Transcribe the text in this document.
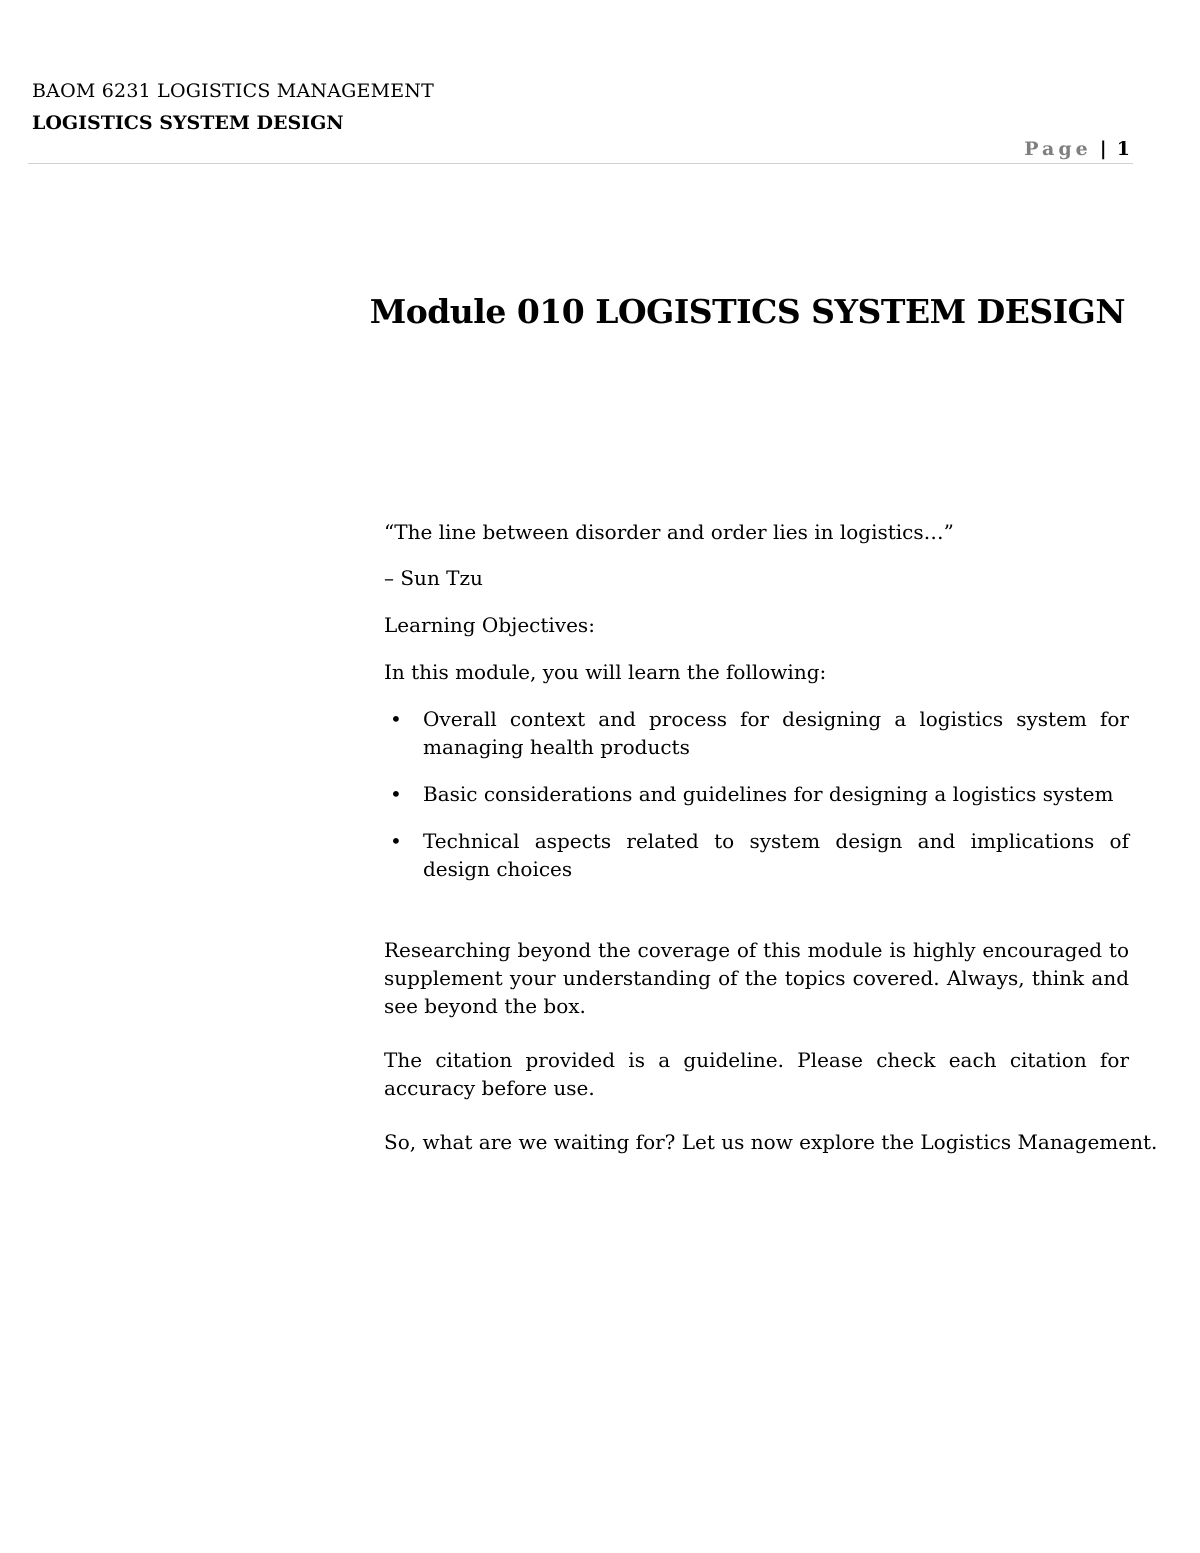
BAOM 6231 LOGISTICS MANAGEMENT
LOGISTICS SYSTEM DESIGN
Page | 1
Module 010 LOGISTICS SYSTEM DESIGN

“The line between disorder and order lies in logistics…”

– Sun Tzu

Learning Objectives:

In this module, you will learn the following:

• Overall context and process for designing a logistics system for managing health products
• Basic considerations and guidelines for designing a logistics system
• Technical aspects related to system design and implications of design choices

Researching beyond the coverage of this module is highly encouraged to supplement your understanding of the topics covered. Always, think and see beyond the box.

The citation provided is a guideline. Please check each citation for accuracy before use.

So, what are we waiting for? Let us now explore the Logistics Management.
